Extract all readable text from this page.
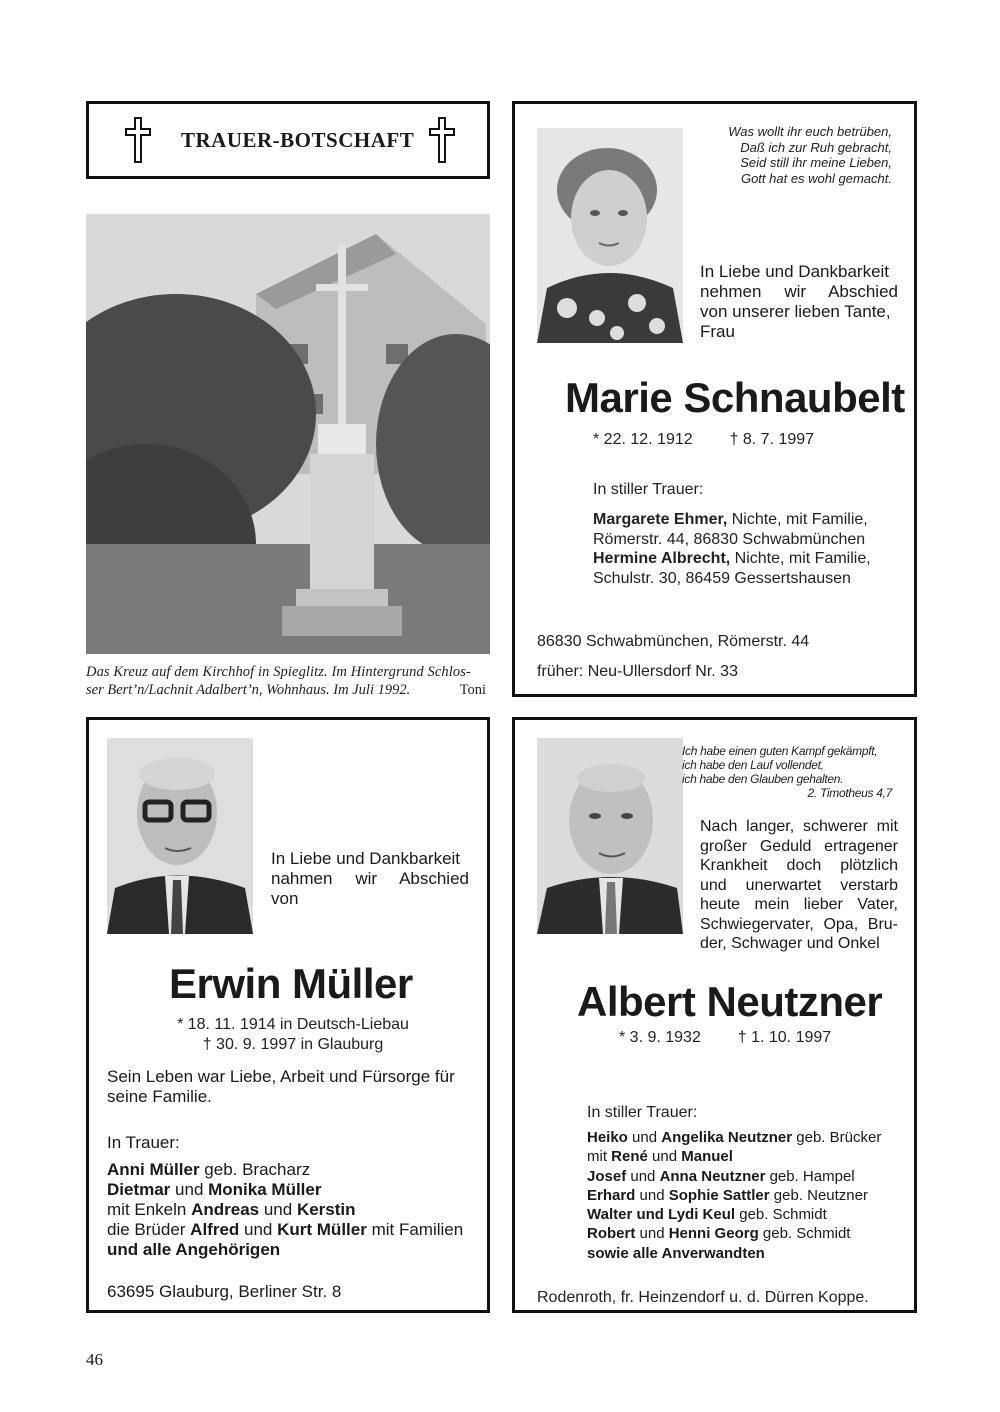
TRAUER-BOTSCHAFT
Das Kreuz auf dem Kirchhof in Spieglitz. Im Hintergrund Schlos-
ser Bert’n/Lachnit Adalbert’n, Wohnhaus. Im Juli 1992.	Toni
Was wollt ihr euch betrüben,
Daß ich zur Ruh gebracht,
Seid still ihr meine Lieben,
Gott hat es wohl gemacht.
In Liebe und Dankbarkeit
nehmen wir Abschied
von unserer lieben Tante,
Frau
Marie Schnaubelt
* 22. 12. 1912 † 8. 7. 1997
In stiller Trauer:
Margarete Ehmer, Nichte, mit Familie,
Römerstr. 44, 86830 Schwabmünchen
Hermine Albrecht, Nichte, mit Familie,
Schulstr. 30, 86459 Gessertshausen
86830 Schwabmünchen, Römerstr. 44
früher: Neu-Ullersdorf Nr. 33
In Liebe und Dankbarkeit
nahmen wir Abschied
von
Erwin Müller
* 18. 11. 1914 in Deutsch-Liebau
† 30. 9. 1997 in Glauburg
Sein Leben war Liebe, Arbeit und Fürsorge für
seine Familie.
In Trauer:
Anni Müller geb. Bracharz
Dietmar und Monika Müller
mit Enkeln Andreas und Kerstin
die Brüder Alfred und Kurt Müller mit Familien
und alle Angehörigen
63695 Glauburg, Berliner Str. 8
Ich habe einen guten Kampf gekämpft,
ich habe den Lauf vollendet,
ich habe den Glauben gehalten.
2. Timotheus 4,7
Nach langer, schwerer mit
großer Geduld ertragener
Krankheit doch plötzlich
und unerwartet verstarb
heute mein lieber Vater,
Schwiegervater, Opa, Bru-
der, Schwager und Onkel
Albert Neutzner
* 3. 9. 1932 † 1. 10. 1997
In stiller Trauer:
Heiko und Angelika Neutzner geb. Brücker
mit René und Manuel
Josef und Anna Neutzner geb. Hampel
Erhard und Sophie Sattler geb. Neutzner
Walter und Lydi Keul geb. Schmidt
Robert und Henni Georg geb. Schmidt
sowie alle Anverwandten
Rodenroth, fr. Heinzendorf u. d. Dürren Koppe.
46
